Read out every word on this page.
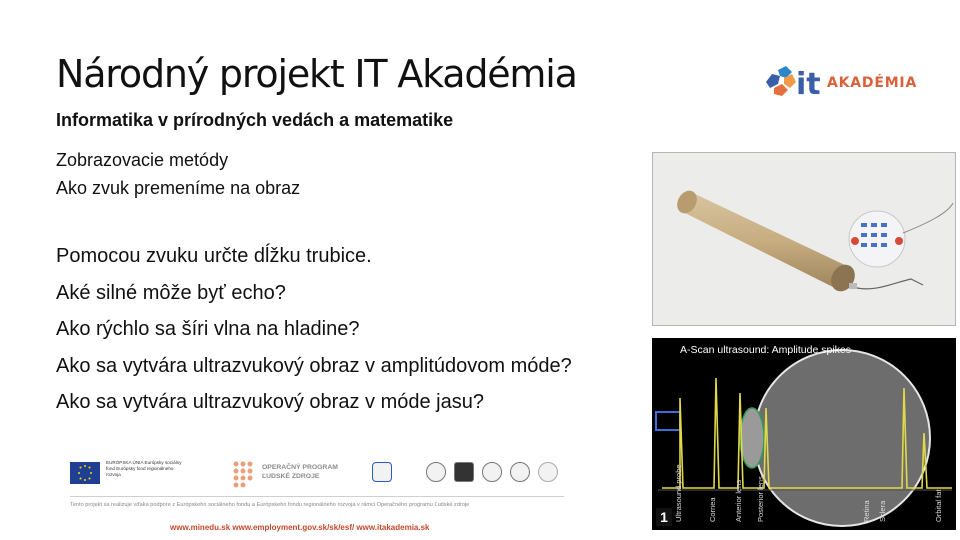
Národný projekt IT Akadémia
Informatika v prírodných vedách a matematike
Zobrazovacie metódy
Ako zvuk premeníme na obraz
Pomocou zvuku určte dĺžku trubice.
Aké silné môže byť echo?
Ako rýchlo sa šíri vlna na hladine?
Ako sa vytvára ultrazvukový obraz v amplitúdovom móde?
Ako sa vytvára ultrazvukový obraz v móde jasu?
it AKADÉMIA
A-Scan ultrasound: Amplitude spikes
Ultrasound probe	Cornea Anterior lens Posterior lens	Retina Sclera	Orbital fat
1
EURÓPSKA ÚNIA Európsky sociálny fond Európsky fond regionálneho rozvoja
OPERAČNÝ PROGRAM
ĽUDSKÉ ZDROJE
Tento projekt sa realizuje vďaka podpore z Európskeho sociálneho fondu a Európskeho fondu regionálneho rozvoja v rámci Operačného programu Ľudské zdroje
www.minedu.sk www.employment.gov.sk/sk/esf/ www.itakademia.sk
